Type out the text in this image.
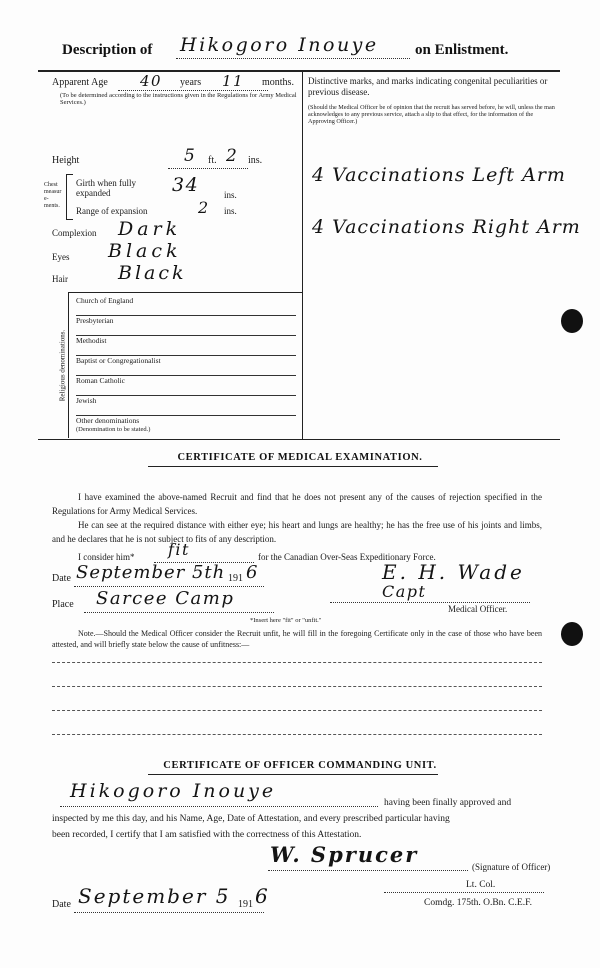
Description of Hikogoro Inouye on Enlistment.
Apparent Age 40 years 11 months.
(To be determined according to the instructions given in the Regulations for Army Medical Services.)
Height	5 ft. 2 ins.
Chest measure-ments.
Girth when fully expanded	34	ins.
Range of expansion	2 ins.
Complexion Dark
Eyes Black
Hair	Black
Religious denominations.
Church of England
Presbyterian
Methodist
Baptist or Congregationalist
Roman Catholic
Jewish
Other denominations
(Denomination to be stated.)
Distinctive marks, and marks indicating congenital peculiarities or previous disease.
(Should the Medical Officer be of opinion that the recruit has served before, he will, unless the man acknowledges to any previous service, attach a slip to that effect, for the information of the Approving Officer.)
4 Vaccinations Left Arm
4 Vaccinations Right Arm
CERTIFICATE OF MEDICAL EXAMINATION.
I have examined the above-named Recruit and find that he does not present any of the causes of rejection specified in the Regulations for Army Medical Services.
He can see at the required distance with either eye; his heart and lungs are healthy; he has the free use of his joints and limbs, and he declares that he is not subject to fits of any description.
I consider him* fit	for the Canadian Over-Seas Expeditionary Force.
Date September 5th 191 6	E. H. Wade
Capt
Place Sarcee Camp	Medical Officer.
*Insert here "fit" or "unfit."
Note.—Should the Medical Officer consider the Recruit unfit, he will fill in the foregoing Certificate only in the case of those who have been attested, and will briefly state below the cause of unfitness:—
CERTIFICATE OF OFFICER COMMANDING UNIT.
Hikogoro Inouye
having been finally approved and
inspected by me this day, and his Name, Age, Date of Attestation, and every prescribed particular having
been recorded, I certify that I am satisfied with the correctness of this Attestation.
W. Sprucer	(Signature of Officer)
Date September 5 191 6	Lt. Col.
Comdg. 175th. O.Bn. C.E.F.
